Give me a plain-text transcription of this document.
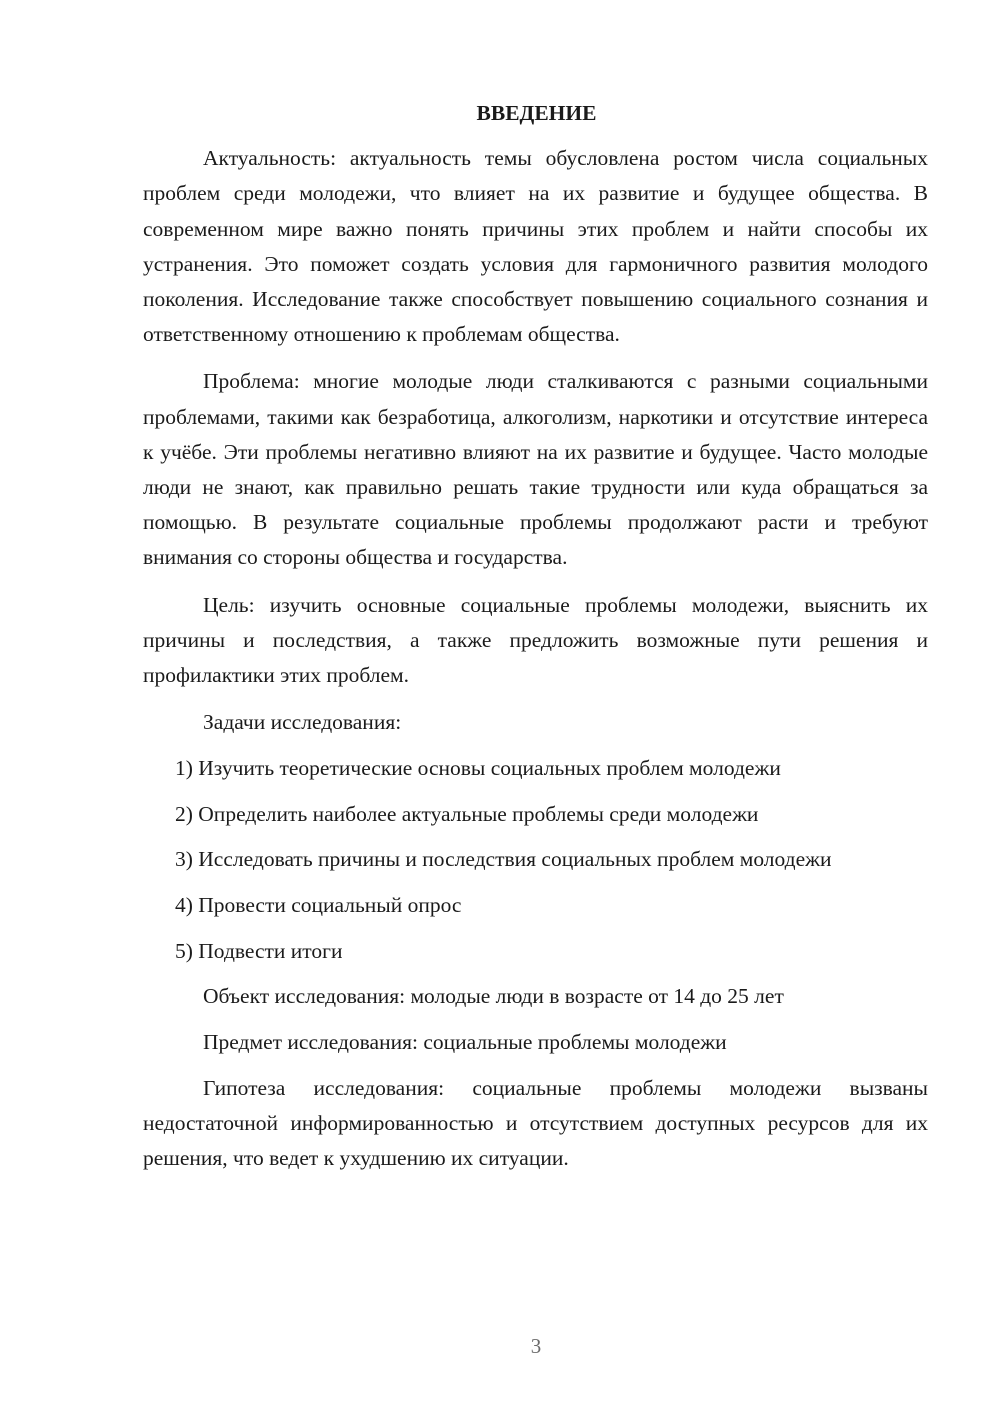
ВВЕДЕНИЕ

Актуальность: актуальность темы обусловлена ростом числа социальных проблем среди молодежи, что влияет на их развитие и будущее общества. В современном мире важно понять причины этих проблем и найти способы их устранения. Это поможет создать условия для гармоничного развития молодого поколения. Исследование также способствует повышению социального сознания и ответственному отношению к проблемам общества.

Проблема: многие молодые люди сталкиваются с разными социальными проблемами, такими как безработица, алкоголизм, наркотики и отсутствие интереса к учёбе. Эти проблемы негативно влияют на их развитие и будущее. Часто молодые люди не знают, как правильно решать такие трудности или куда обращаться за помощью. В результате социальные проблемы продолжают расти и требуют внимания со стороны общества и государства.

Цель: изучить основные социальные проблемы молодежи, выяснить их причины и последствия, а также предложить возможные пути решения и профилактики этих проблем.

Задачи исследования:

1) Изучить теоретические основы социальных проблем молодежи

2) Определить наиболее актуальные проблемы среди молодежи

3) Исследовать причины и последствия социальных проблем молодежи

4) Провести социальный опрос

5) Подвести итоги

Объект исследования: молодые люди в возрасте от 14 до 25 лет

Предмет исследования: социальные проблемы молодежи

Гипотеза исследования: социальные проблемы молодежи вызваны недостаточной информированностью и отсутствием доступных ресурсов для их решения, что ведет к ухудшению их ситуации.

3
